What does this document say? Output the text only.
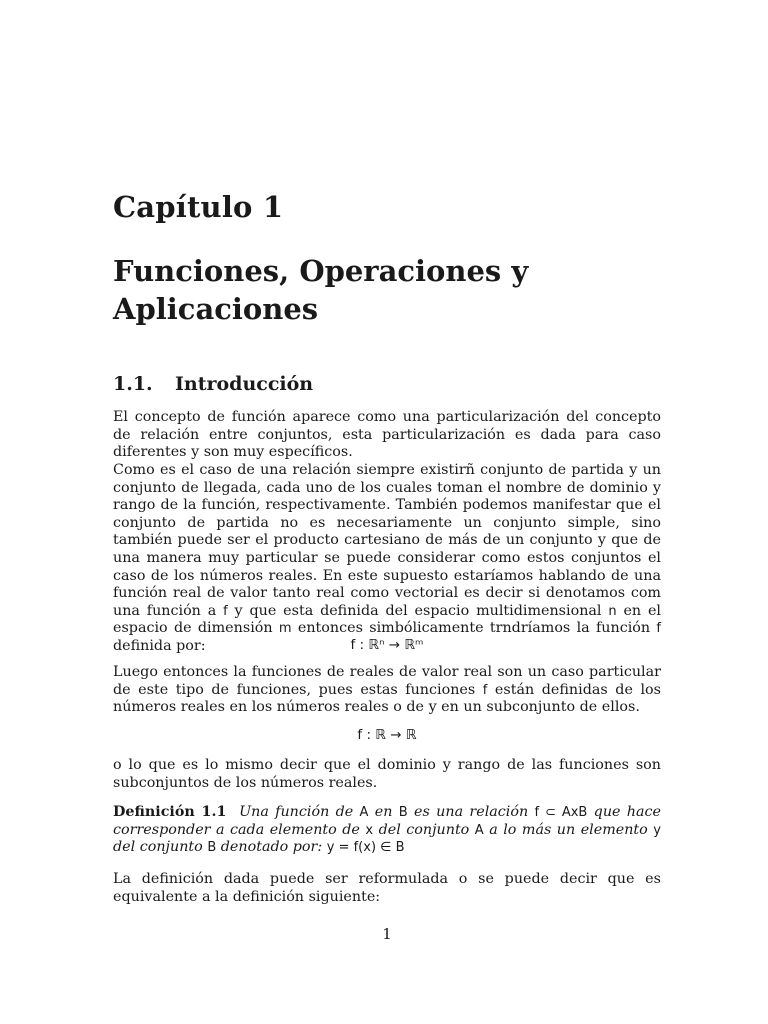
Capítulo 1
Funciones, Operaciones y Aplicaciones
1.1. Introducción
El concepto de función aparece como una particularización del concepto de relación entre conjuntos, esta particularización es dada para caso diferentes y son muy específicos.
Como es el caso de una relación siempre existirñ conjunto de partida y un conjunto de llegada, cada uno de los cuales toman el nombre de dominio y rango de la función, respectivamente. También podemos manifestar que el conjunto de partida no es necesariamente un conjunto simple, sino también puede ser el producto cartesiano de más de un conjunto y que de una manera muy particular se puede considerar como estos conjuntos el caso de los números reales. En este supuesto estaríamos hablando de una función real de valor tanto real como vectorial es decir si denotamos com una función a f y que esta definida del espacio multidimensional n en el espacio de dimensión m entonces simbólicamente trndríamos la función f definida por:	f : ℝⁿ → ℝᵐ
Luego entonces la funciones de reales de valor real son un caso particular de este tipo de funciones, pues estas funciones f están definidas de los números reales en los números reales o de y en un subconjunto de ellos.
f : ℝ → ℝ
o lo que es lo mismo decir que el dominio y rango de las funciones son subconjuntos de los números reales.
Definición 1.1 Una función de A en B es una relación f ⊂ AxB que hace corresponder a cada elemento de x del conjunto A a lo más un elemento y del conjunto B denotado por: y = f(x) ∈ B
La definición dada puede ser reformulada o se puede decir que es equivalente a la definición siguiente:
1
